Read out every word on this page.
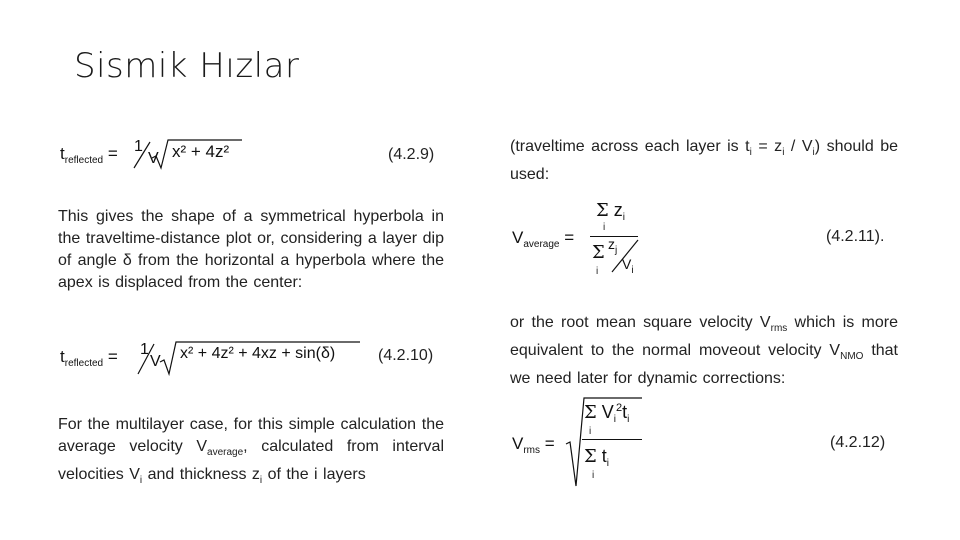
Sismik Hızlar
$t_{reflected} = 1$
V x² + 4z²	(4.2.9)
This gives the shape of a symmetrical hyperbola in the traveltime-distance plot or, considering a layer dip of angle δ from the horizontal a hyperbola where the apex is displaced from the center:
$t_{reflected} = 1$
V x² + 4z² + 4xz + sin(δ)	(4.2.10)
For the multilayer case, for this simple calculation the average velocity $V_{average}$, calculated from interval velocities $V_i$ and thickness $z_i$ of the i layers
(traveltime across each layer is $t_i = z_i / V_i$) should be used:
$V_{average}$ =
Σ $z_i$
i
Σ $z_j$
$V_i$
i
(4.2.11).
or the root mean square velocity $V_{rms}$ which is more equivalent to the normal moveout velocity $V_{NMO}$ that we need later for dynamic corrections:
$V_{rms}$ =
Σ $V_i^2t_i$
i
Σ $t_i$
i
(4.2.12)
